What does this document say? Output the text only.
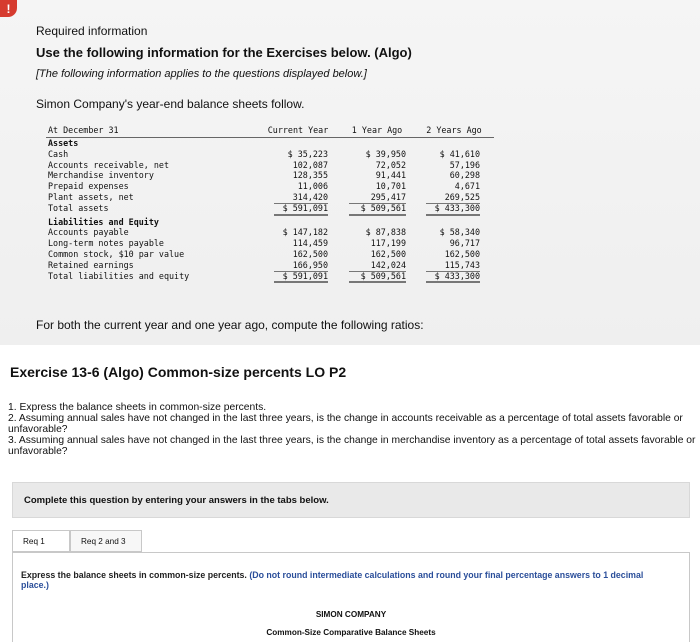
!
Required information
Use the following information for the Exercises below. (Algo)
[The following information applies to the questions displayed below.]
Simon Company's year-end balance sheets follow.
At December 31	Current Year	1 Year Ago	2 Years Ago
Assets
Cash	$ 35,223	$ 39,950	$ 41,610
Accounts receivable, net	102,087	72,052	57,196
Merchandise inventory	128,355	91,441	60,298
Prepaid expenses	11,006	10,701	4,671
Plant assets, net	314,420	295,417	269,525
Total assets	$ 591,091	$ 509,561	$ 433,300
Liabilities and Equity
Accounts payable	$ 147,182	$ 87,838	$ 58,340
Long-term notes payable	114,459	117,199	96,717
Common stock, $10 par value	162,500	162,500	162,500
Retained earnings	166,950	142,024	115,743
Total liabilities and equity	$ 591,091	$ 509,561	$ 433,300
For both the current year and one year ago, compute the following ratios:
Exercise 13-6 (Algo) Common-size percents LO P2

1. Express the balance sheets in common-size percents.

2. Assuming annual sales have not changed in the last three years, is the change in accounts receivable as a percentage of total assets favorable or unfavorable?

3. Assuming annual sales have not changed in the last three years, is the change in merchandise inventory as a percentage of total assets favorable or unfavorable?

Complete this question by entering your answers in the tabs below.
Req 1	Req 2 and 3
Express the balance sheets in common-size percents. (Do not round intermediate calculations and round your final percentage answers to 1 decimal place.)
SIMON COMPANY
Common-Size Comparative Balance Sheets
